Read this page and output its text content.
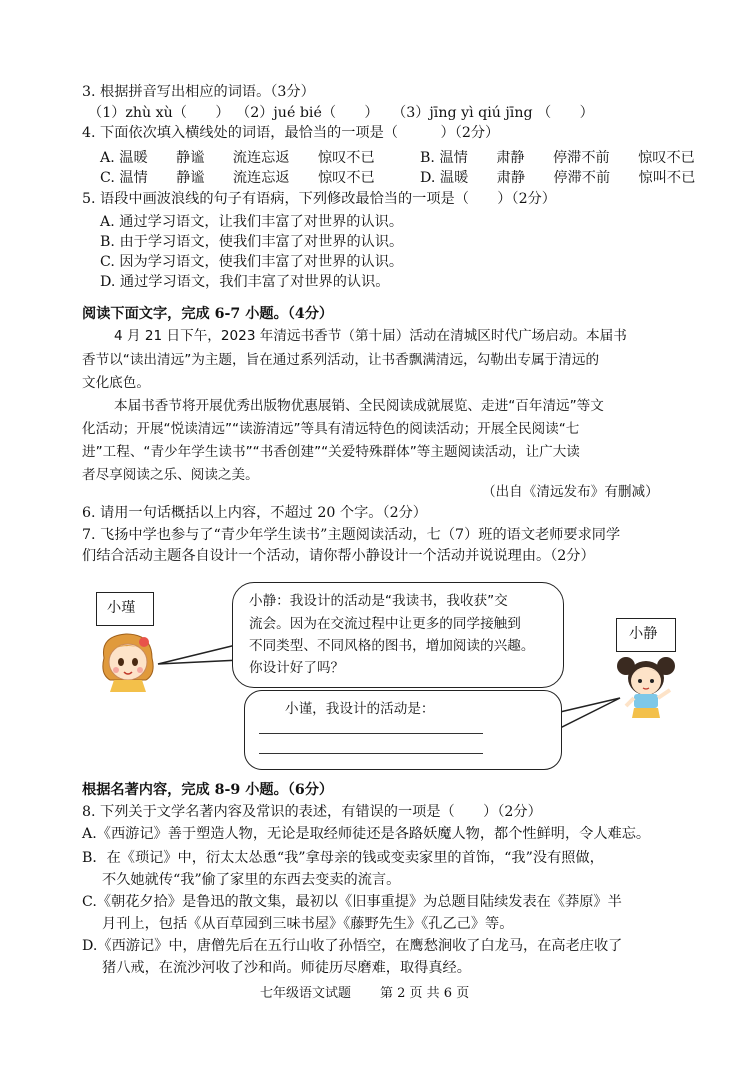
3. 根据拼音写出相应的词语。（3分）
（1）zhù xù（　　） （2）jué bié（　　） （3）jīng yì qiú jīng （　　）
4. 下面依次填入横线处的词语，最恰当的一项是（　　　）（2分）
A. 温暖　　静谧　　流连忘返　　惊叹不已	B. 温情　　肃静　　停滞不前　　惊叹不已
C. 温情　　静谧　　流连忘返　　惊叹不已	D. 温暖　　肃静　　停滞不前　　惊叫不已
5. 语段中画波浪线的句子有语病，下列修改最恰当的一项是（　　）（2分）
A. 通过学习语文，让我们丰富了对世界的认识。
B. 由于学习语文，使我们丰富了对世界的认识。
C. 因为学习语文，使我们丰富了对世界的认识。
D. 通过学习语文，我们丰富了对世界的认识。
阅读下面文字，完成 6-7 小题。（4分）
4 月 21 日下午，2023 年清远书香节（第十届）活动在清城区时代广场启动。本届书
香节以“读出清远”为主题，旨在通过系列活动，让书香飘满清远，勾勒出专属于清远的
文化底色。
本届书香节将开展优秀出版物优惠展销、全民阅读成就展览、走进“百年清远”等文
化活动；开展“悦读清远”“读游清远”等具有清远特色的阅读活动；开展全民阅读“七
进”工程、“青少年学生读书”“书香创建”“关爱特殊群体”等主题阅读活动，让广大读
者尽享阅读之乐、阅读之美。
（出自《清远发布》有删减）
6. 请用一句话概括以上内容，不超过 20 个字。（2分）
7. 飞扬中学也参与了“青少年学生读书”主题阅读活动，七（7）班的语文老师要求同学
们结合活动主题各自设计一个活动，请你帮小静设计一个活动并说说理由。（2分）
小瑾
小静
小静：我设计的活动是“我读书，我收获”交
流会。因为在交流过程中让更多的同学接触到
不同类型、不同风格的图书，增加阅读的兴趣。
你设计好了吗？
小谨，我设计的活动是：
根据名著内容，完成 8-9 小题。（6分）
8. 下列关于文学名著内容及常识的表述，有错误的一项是（　　）（2分）
A.《西游记》善于塑造人物，无论是取经师徒还是各路妖魔人物，都个性鲜明，令人难忘。
B．在《琐记》中，衍太太怂恿“我”拿母亲的钱或变卖家里的首饰，“我”没有照做，
不久她就传“我”偷了家里的东西去变卖的流言。
C.《朝花夕拾》是鲁迅的散文集，最初以《旧事重提》为总题目陆续发表在《莽原》半
月刊上，包括《从百草园到三味书屋》《藤野先生》《孔乙己》等。
D.《西游记》中，唐僧先后在五行山收了孙悟空，在鹰愁涧收了白龙马，在高老庄收了
猪八戒，在流沙河收了沙和尚。师徒历尽磨难，取得真经。
七年级语文试题 第 2 页 共 6 页
